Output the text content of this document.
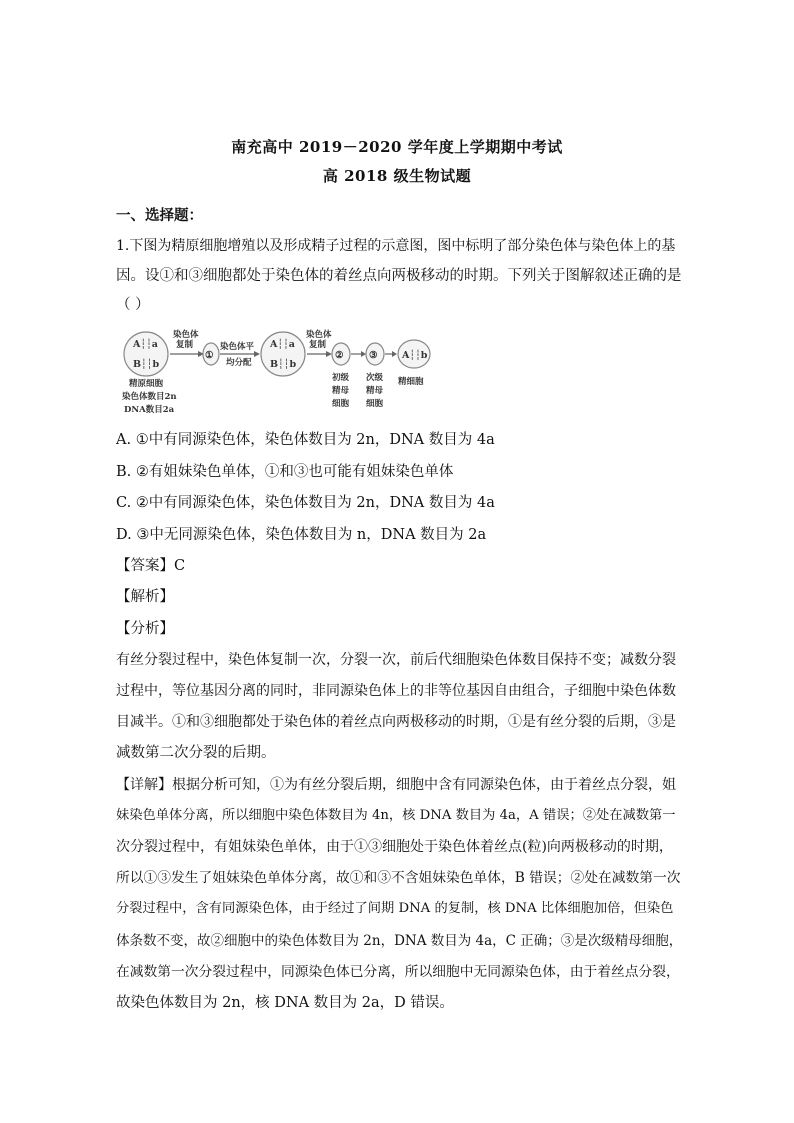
南充高中 2019－2020 学年度上学期期中考试
高 2018 级生物试题
一、选择题：
1.下图为精原细胞增殖以及形成精子过程的示意图，图中标明了部分染色体与染色体上的基
因。设①和③细胞都处于染色体的着丝点向两极移动的时期。下列关于图解叙述正确的是
（ ）
A┆┆a
B┆┆b
染色体
复制
①
染色体平
均分配
A┆┆a
B┆┆b
染色体
复制
②	③	A┆┆b
精原细胞
染色体数目2n
DNA数目2a
初级
精母
细胞
次级
精母
细胞
精细胞
A. ①中有同源染色体，染色体数目为 2n，DNA 数目为 4a
B. ②有姐妹染色单体，①和③也可能有姐妹染色单体
C. ②中有同源染色体，染色体数目为 2n，DNA 数目为 4a
D. ③中无同源染色体，染色体数目为 n，DNA 数目为 2a
【答案】C
【解析】
【分析】
有丝分裂过程中，染色体复制一次，分裂一次，前后代细胞染色体数目保持不变；减数分裂
过程中，等位基因分离的同时，非同源染色体上的非等位基因自由组合，子细胞中染色体数
目减半。①和③细胞都处于染色体的着丝点向两极移动的时期，①是有丝分裂的后期，③是
减数第二次分裂的后期。
【详解】根据分析可知，①为有丝分裂后期，细胞中含有同源染色体，由于着丝点分裂，姐
妹染色单体分离，所以细胞中染色体数目为 4n，核 DNA 数目为 4a，A 错误；②处在减数第一
次分裂过程中，有姐妹染色单体，由于①③细胞处于染色体着丝点(粒)向两极移动的时期，
所以①③发生了姐妹染色单体分离，故①和③不含姐妹染色单体，B 错误；②处在减数第一次
分裂过程中，含有同源染色体，由于经过了间期 DNA 的复制，核 DNA 比体细胞加倍，但染色
体条数不变，故②细胞中的染色体数目为 2n，DNA 数目为 4a，C 正确；③是次级精母细胞，
在减数第一次分裂过程中，同源染色体已分离，所以细胞中无同源染色体，由于着丝点分裂，
故染色体数目为 2n，核 DNA 数目为 2a，D 错误。
